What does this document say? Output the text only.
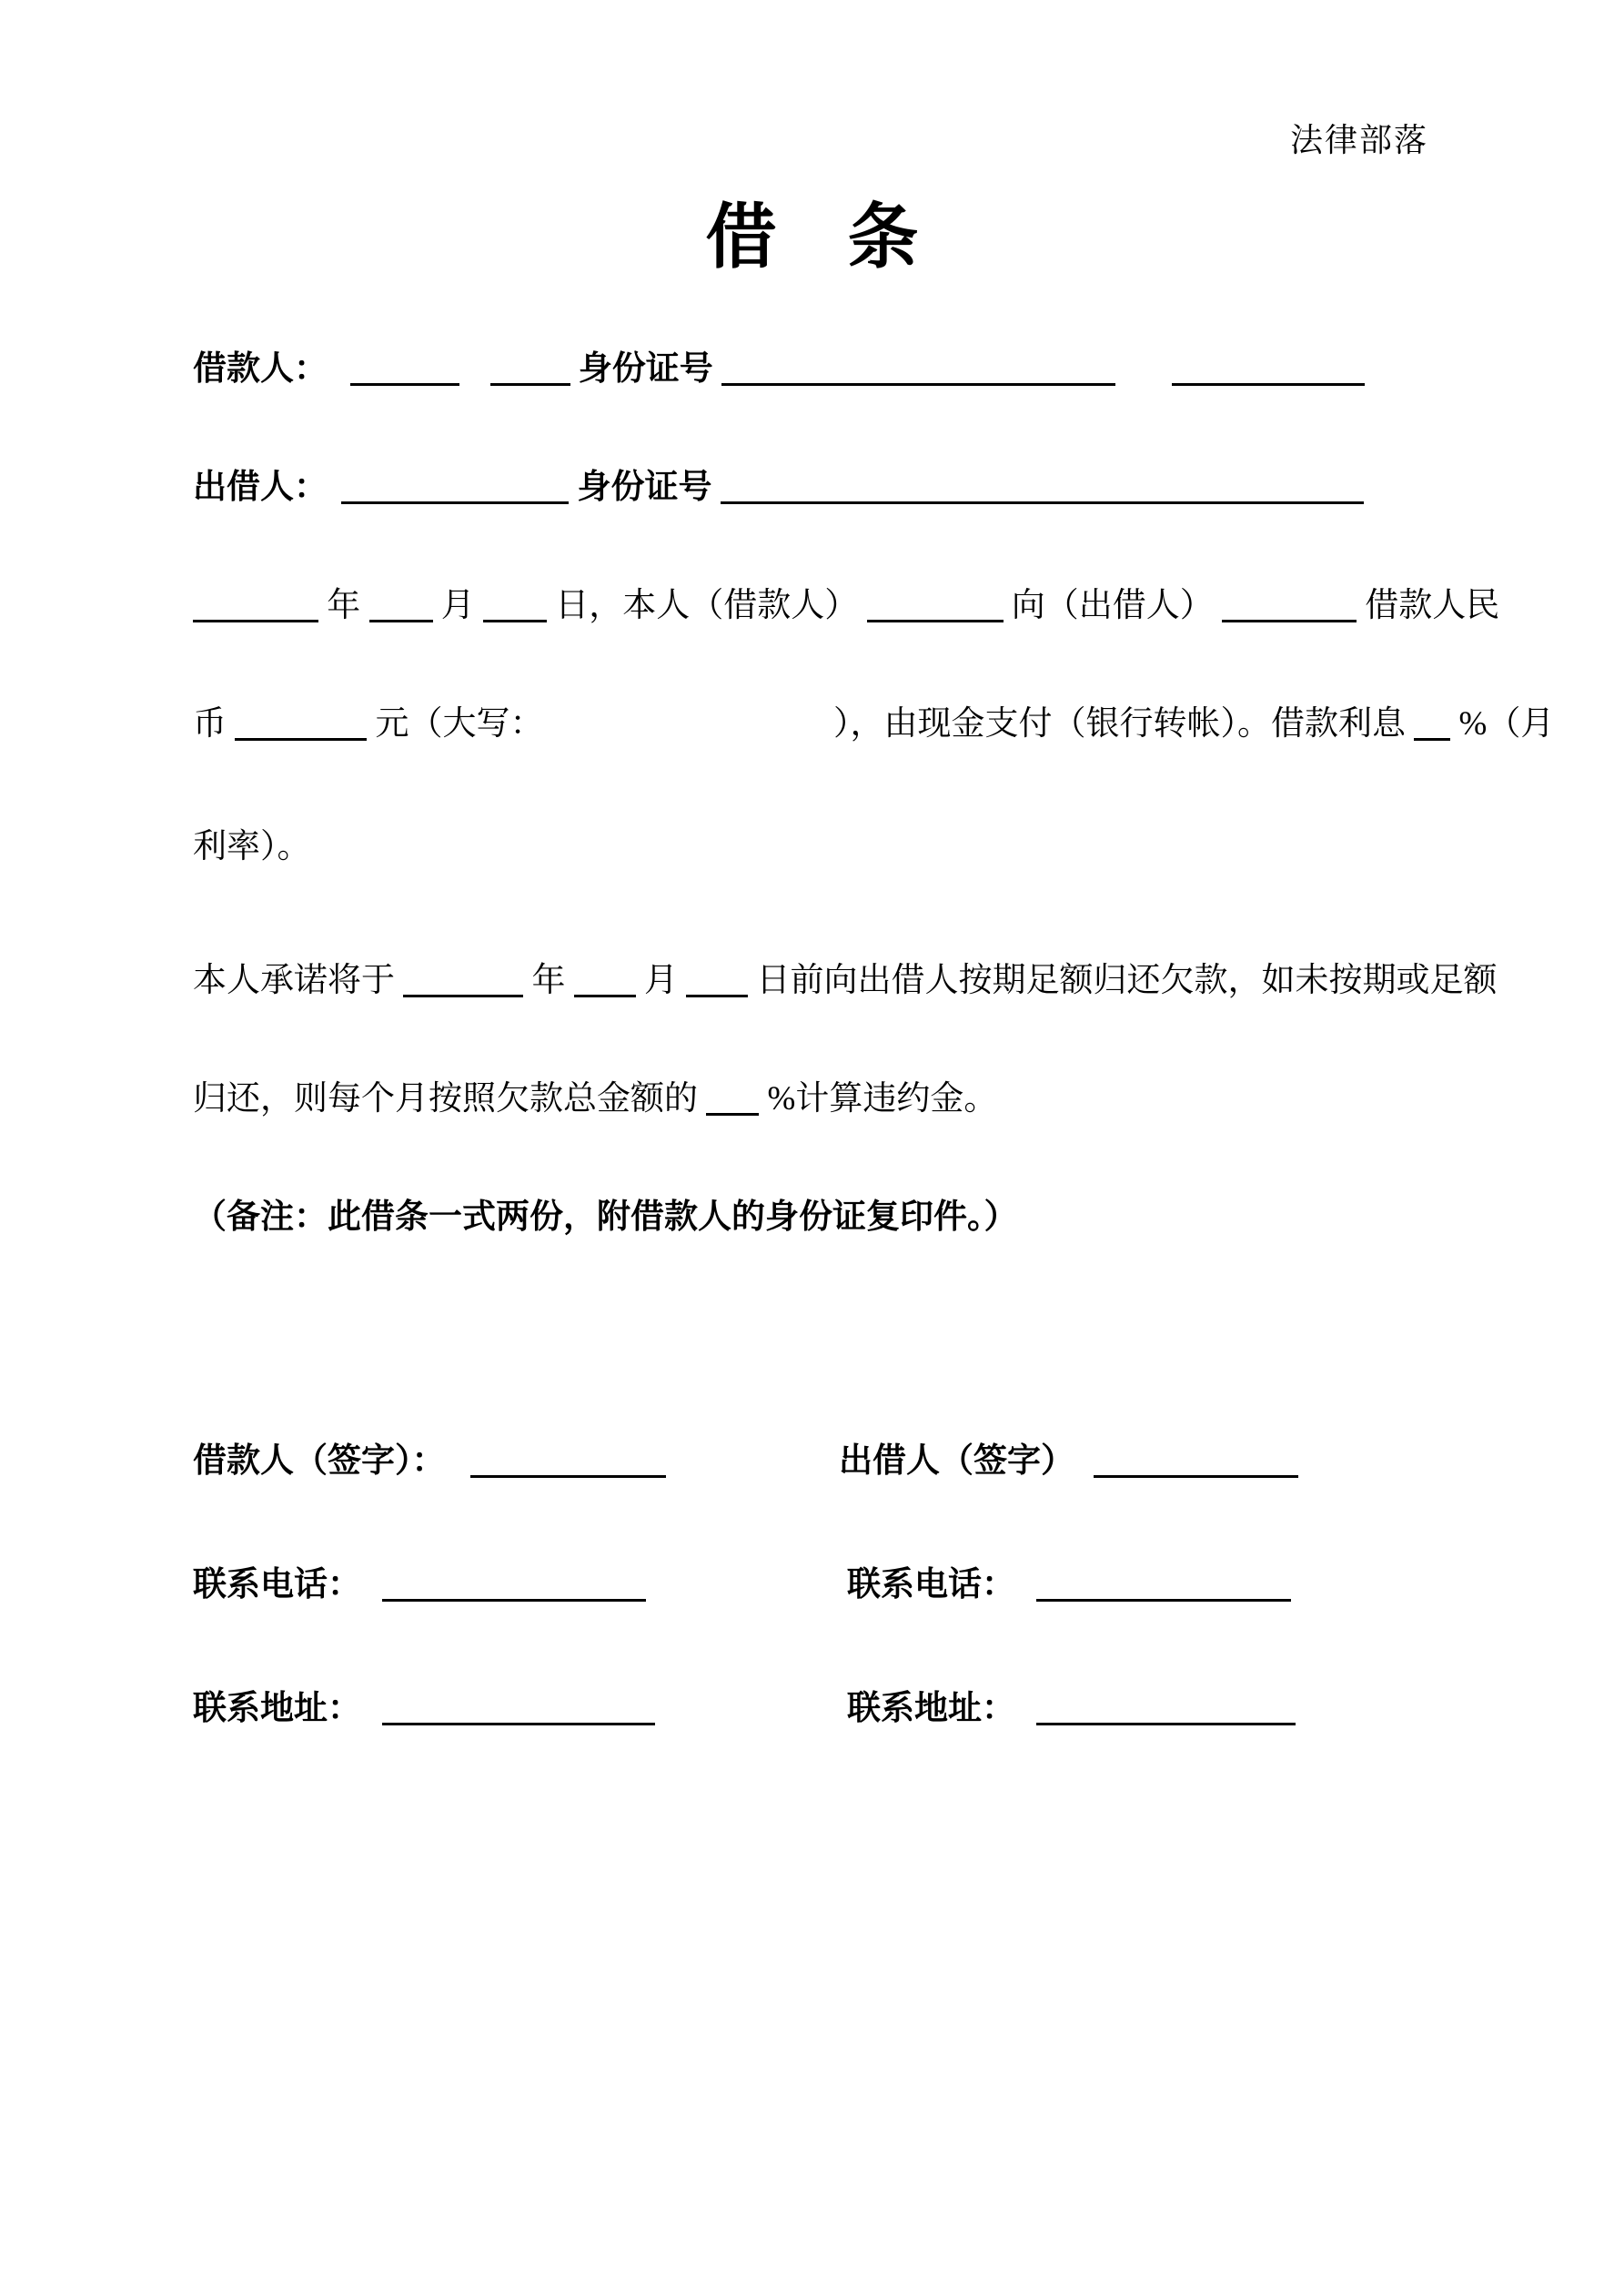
法律部落
借　条
借款人：	身份证号
出借人：	身份证号
年 月 日，本人（借款人）	向（出借人）	借款人民
币	元（大写：	），由现金支付（银行转帐）。借款利息 %（月
利率）。
本人承诺将于	年 月 日前向出借人按期足额归还欠款，如未按期或足额
归还，则每个月按照欠款总金额的 %计算违约金。
（备注：此借条一式两份，附借款人的身份证复印件。）
借款人（签字）：	出借人（签字）
联系电话：	联系电话：
联系地址：	联系地址：
